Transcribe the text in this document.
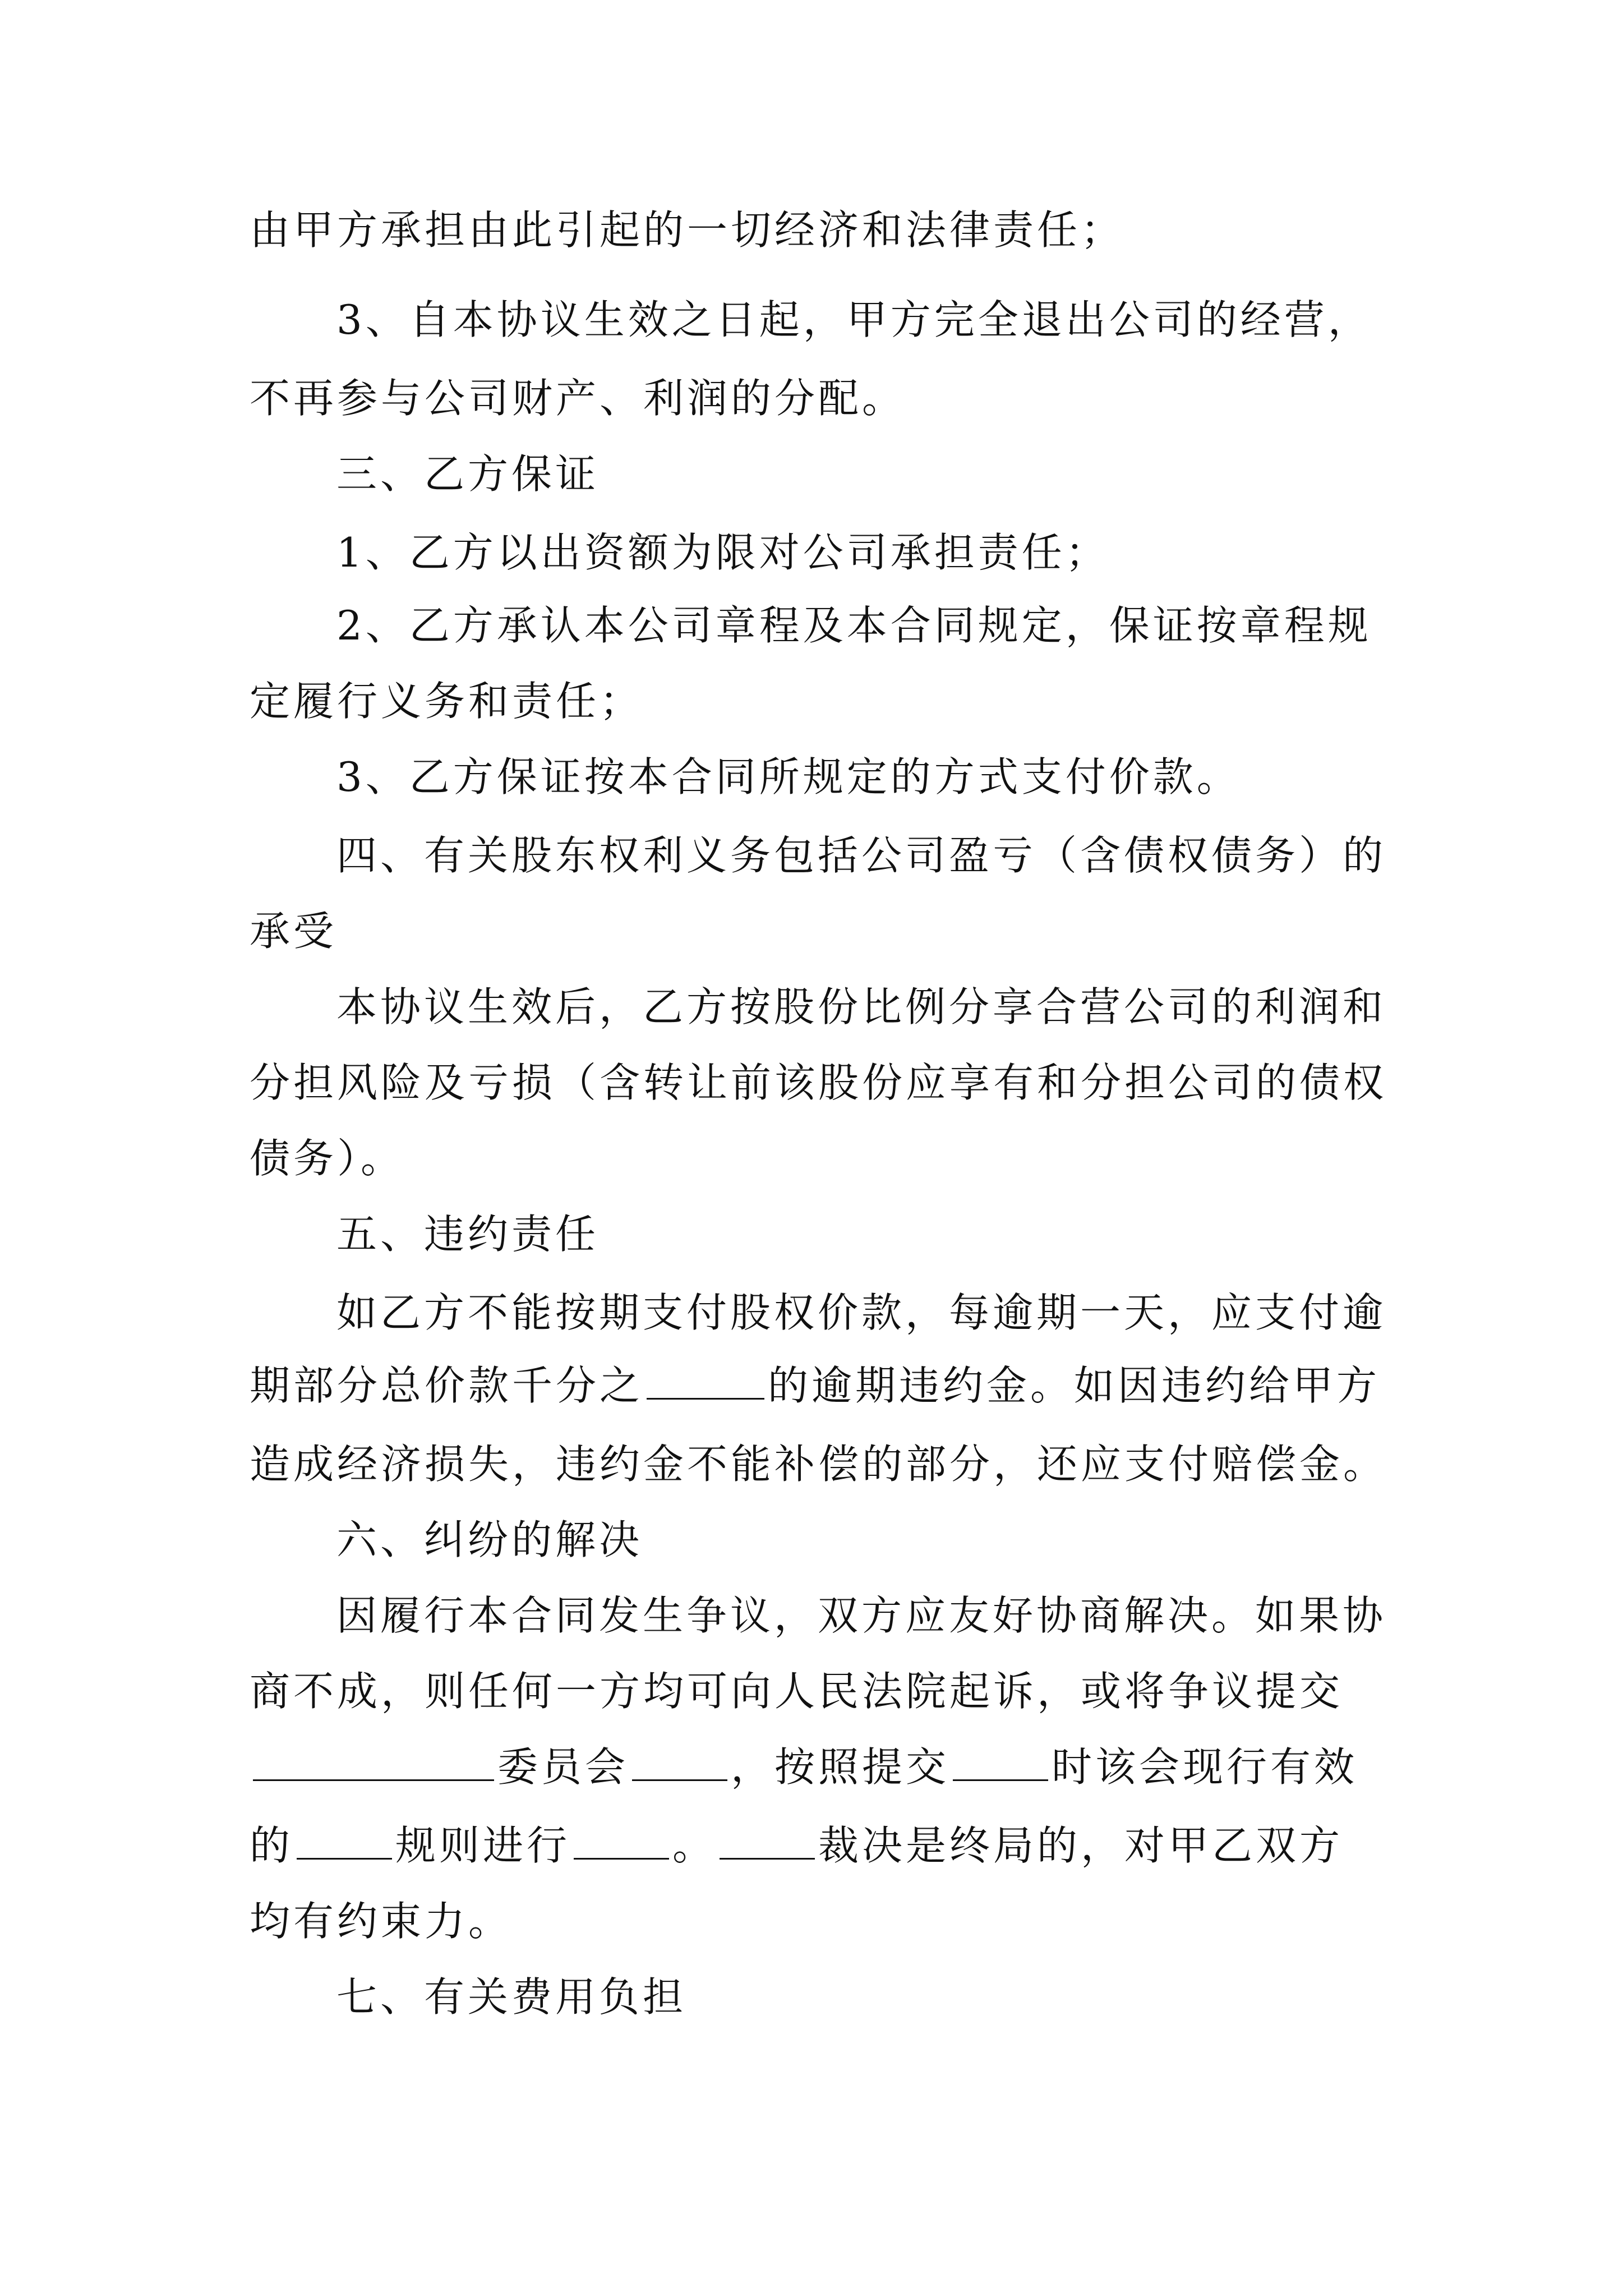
由甲方承担由此引起的一切经济和法律责任；
3、自本协议生效之日起，甲方完全退出公司的经营，
不再参与公司财产、利润的分配。
三、乙方保证
1、乙方以出资额为限对公司承担责任；
2、乙方承认本公司章程及本合同规定，保证按章程规
定履行义务和责任；
3、乙方保证按本合同所规定的方式支付价款。
四、有关股东权利义务包括公司盈亏（含债权债务）的
承受
本协议生效后，乙方按股份比例分享合营公司的利润和
分担风险及亏损（含转让前该股份应享有和分担公司的债权
债务）。
五、违约责任
如乙方不能按期支付股权价款，每逾期一天，应支付逾
期部分总价款千分之	的逾期违约金。如因违约给甲方
造成经济损失，违约金不能补偿的部分，还应支付赔偿金。
六、纠纷的解决
因履行本合同发生争议，双方应友好协商解决。如果协
商不成，则任何一方均可向人民法院起诉，或将争议提交
委员会	，按照提交	时该会现行有效
的	规则进行	。	裁决是终局的，对甲乙双方
均有约束力。
七、有关费用负担
